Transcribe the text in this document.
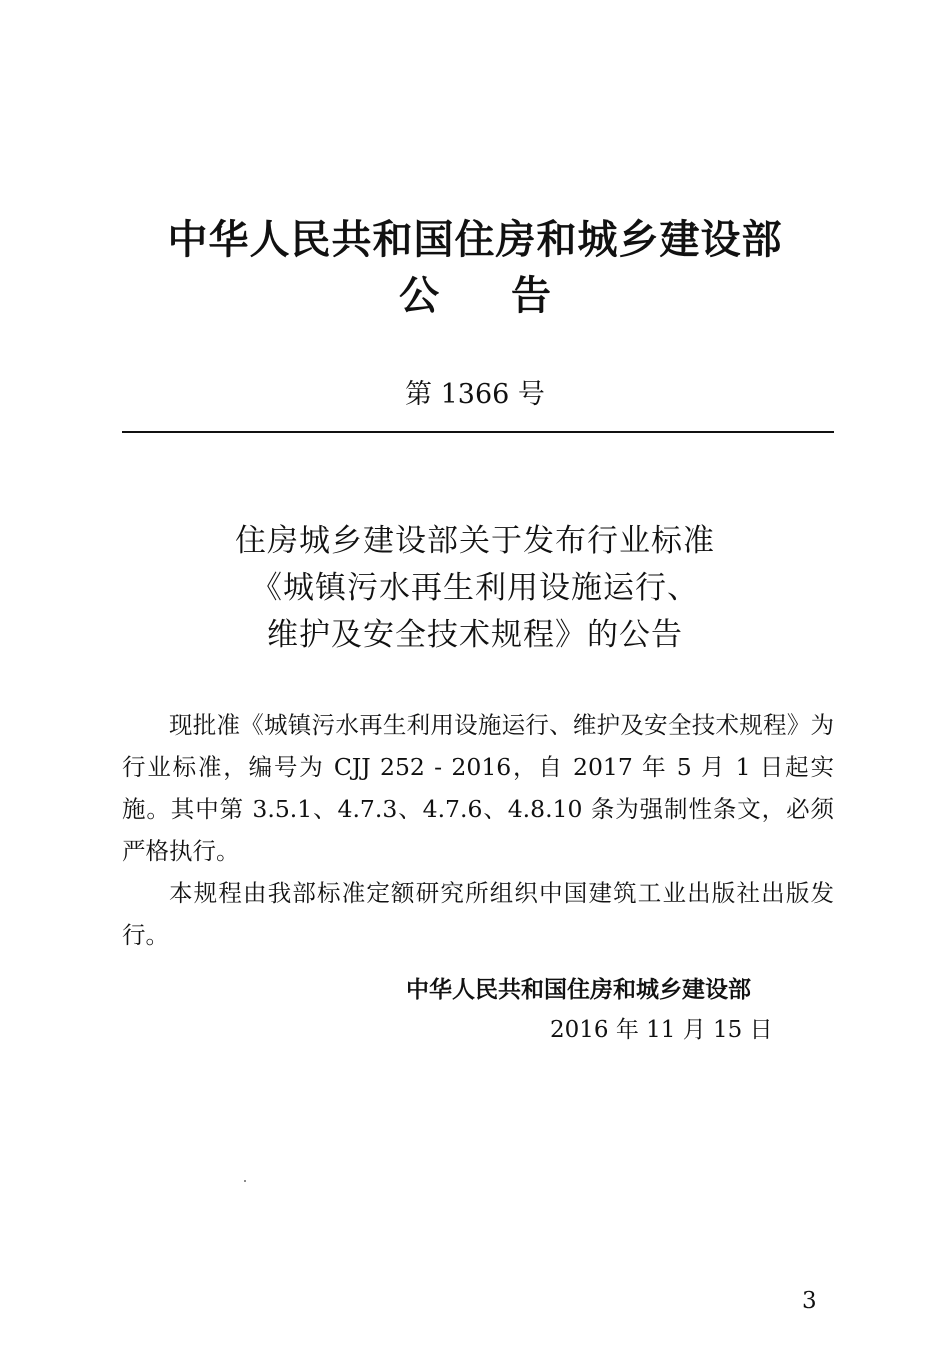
中华人民共和国住房和城乡建设部
公告
第 1366 号
住房城乡建设部关于发布行业标准
《城镇污水再生利用设施运行、
维护及安全技术规程》的公告

现批准《城镇污水再生利用设施运行、维护及安全技术规程》为行业标准，编号为 CJJ 252 - 2016，自 2017 年 5 月 1 日起实施。其中第 3.5.1、4.7.3、4.7.6、4.8.10 条为强制性条文，必须严格执行。

本规程由我部标准定额研究所组织中国建筑工业出版社出版发行。

中华人民共和国住房和城乡建设部
2016 年 11 月 15 日
3
